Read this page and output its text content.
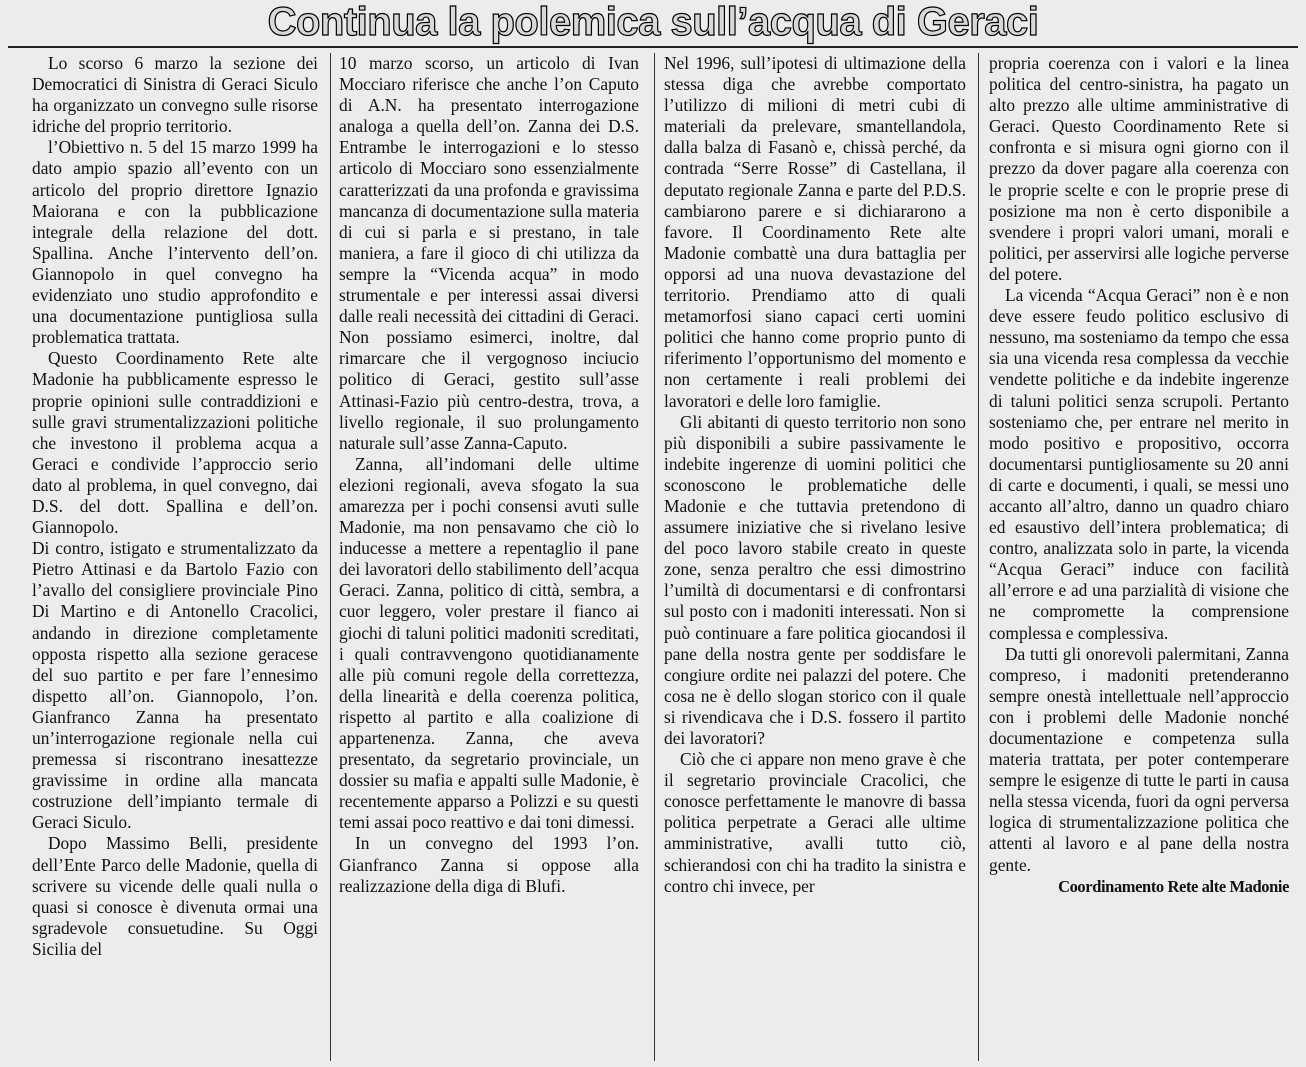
Continua la polemica sull’acqua di Geraci

Lo scorso 6 marzo la sezione dei Democratici di Sinistra di Geraci Siculo ha organizzato un convegno sulle risorse idriche del proprio territorio.

l’Obiettivo n. 5 del 15 marzo 1999 ha dato ampio spazio all’evento con un articolo del proprio direttore Ignazio Maiorana e con la pubblicazione integrale della relazione del dott. Spallina. Anche l’intervento dell’on. Giannopolo in quel convegno ha evidenziato uno studio approfondito e una documentazione puntigliosa sulla problematica trattata.

Questo Coordinamento Rete alte Madonie ha pubblicamente espresso le proprie opinioni sulle contraddizioni e sulle gravi strumentalizzazioni politiche che investono il problema acqua a Geraci e condivide l’approccio serio dato al problema, in quel convegno, dai D.S. del dott. Spallina e dell’on. Giannopolo.

Di contro, istigato e strumentalizzato da Pietro Attinasi e da Bartolo Fazio con l’avallo del consigliere provinciale Pino Di Martino e di Antonello Cracolici, andando in direzione completamente opposta rispetto alla sezione geracese del suo partito e per fare l’ennesimo dispetto all’on. Giannopolo, l’on. Gianfranco Zanna ha presentato un’interrogazione regionale nella cui premessa si riscontrano inesattezze gravissime in ordine alla mancata costruzione dell’impianto termale di Geraci Siculo.

Dopo Massimo Belli, presidente dell’Ente Parco delle Madonie, quella di scrivere su vicende delle quali nulla o quasi si conosce è divenuta ormai una sgradevole consuetudine. Su Oggi Sicilia del

10 marzo scorso, un articolo di Ivan Mocciaro riferisce che anche l’on Caputo di A.N. ha presentato interrogazione analoga a quella dell’on. Zanna dei D.S. Entrambe le interrogazioni e lo stesso articolo di Mocciaro sono essenzialmente caratterizzati da una profonda e gravissima mancanza di documentazione sulla materia di cui si parla e si prestano, in tale maniera, a fare il gioco di chi utilizza da sempre la “Vicenda acqua” in modo strumentale e per interessi assai diversi dalle reali necessità dei cittadini di Geraci. Non possiamo esimerci, inoltre, dal rimarcare che il vergognoso inciucio politico di Geraci, gestito sull’asse Attinasi-Fazio più centro-destra, trova, a livello regionale, il suo prolungamento naturale sull’asse Zanna-Caputo.

Zanna, all’indomani delle ultime elezioni regionali, aveva sfogato la sua amarezza per i pochi consensi avuti sulle Madonie, ma non pensavamo che ciò lo inducesse a mettere a repentaglio il pane dei lavoratori dello stabilimento dell’acqua Geraci. Zanna, politico di città, sembra, a cuor leggero, voler prestare il fianco ai giochi di taluni politici madoniti screditati, i quali contravvengono quotidianamente alle più comuni regole della correttezza, della linearità e della coerenza politica, rispetto al partito e alla coalizione di appartenenza. Zanna, che aveva presentato, da segretario provinciale, un dossier su mafia e appalti sulle Madonie, è recentemente apparso a Polizzi e su questi temi assai poco reattivo e dai toni dimessi.

In un convegno del 1993 l’on. Gianfranco Zanna si oppose alla realizzazione della diga di Blufi.

Nel 1996, sull’ipotesi di ultimazione della stessa diga che avrebbe comportato l’utilizzo di milioni di metri cubi di materiali da prelevare, smantellandola, dalla balza di Fasanò e, chissà perché, da contrada “Serre Rosse” di Castellana, il deputato regionale Zanna e parte del P.D.S. cambiarono parere e si dichiararono a favore. Il Coordinamento Rete alte Madonie combattè una dura battaglia per opporsi ad una nuova devastazione del territorio. Prendiamo atto di quali metamorfosi siano capaci certi uomini politici che hanno come proprio punto di riferimento l’opportunismo del momento e non certamente i reali problemi dei lavoratori e delle loro famiglie.

Gli abitanti di questo territorio non sono più disponibili a subire passivamente le indebite ingerenze di uomini politici che sconoscono le problematiche delle Madonie e che tuttavia pretendono di assumere iniziative che si rivelano lesive del poco lavoro stabile creato in queste zone, senza peraltro che essi dimostrino l’umiltà di documentarsi e di confrontarsi sul posto con i madoniti interessati. Non si può continuare a fare politica giocandosi il pane della nostra gente per soddisfare le congiure ordite nei palazzi del potere. Che cosa ne è dello slogan storico con il quale si rivendicava che i D.S. fossero il partito dei lavoratori?

Ciò che ci appare non meno grave è che il segretario provinciale Cracolici, che conosce perfettamente le manovre di bassa politica perpetrate a Geraci alle ultime amministrative, avalli tutto ciò, schierandosi con chi ha tradito la sinistra e contro chi invece, per

propria coerenza con i valori e la linea politica del centro-sinistra, ha pagato un alto prezzo alle ultime amministrative di Geraci. Questo Coordinamento Rete si confronta e si misura ogni giorno con il prezzo da dover pagare alla coerenza con le proprie scelte e con le proprie prese di posizione ma non è certo disponibile a svendere i propri valori umani, morali e politici, per asservirsi alle logiche perverse del potere.

La vicenda “Acqua Geraci” non è e non deve essere feudo politico esclusivo di nessuno, ma sosteniamo da tempo che essa sia una vicenda resa complessa da vecchie vendette politiche e da indebite ingerenze di taluni politici senza scrupoli. Pertanto sosteniamo che, per entrare nel merito in modo positivo e propositivo, occorra documentarsi puntigliosamente su 20 anni di carte e documenti, i quali, se messi uno accanto all’altro, danno un quadro chiaro ed esaustivo dell’intera problematica; di contro, analizzata solo in parte, la vicenda “Acqua Geraci” induce con facilità all’errore e ad una parzialità di visione che ne compromette la comprensione complessa e complessiva.

Da tutti gli onorevoli palermitani, Zanna compreso, i madoniti pretenderanno sempre onestà intellettuale nell’approccio con i problemi delle Madonie nonché documentazione e competenza sulla materia trattata, per poter contemperare sempre le esigenze di tutte le parti in causa nella stessa vicenda, fuori da ogni perversa logica di strumentalizzazione politica che attenti al lavoro e al pane della nostra gente.

Coordinamento Rete alte Madonie
